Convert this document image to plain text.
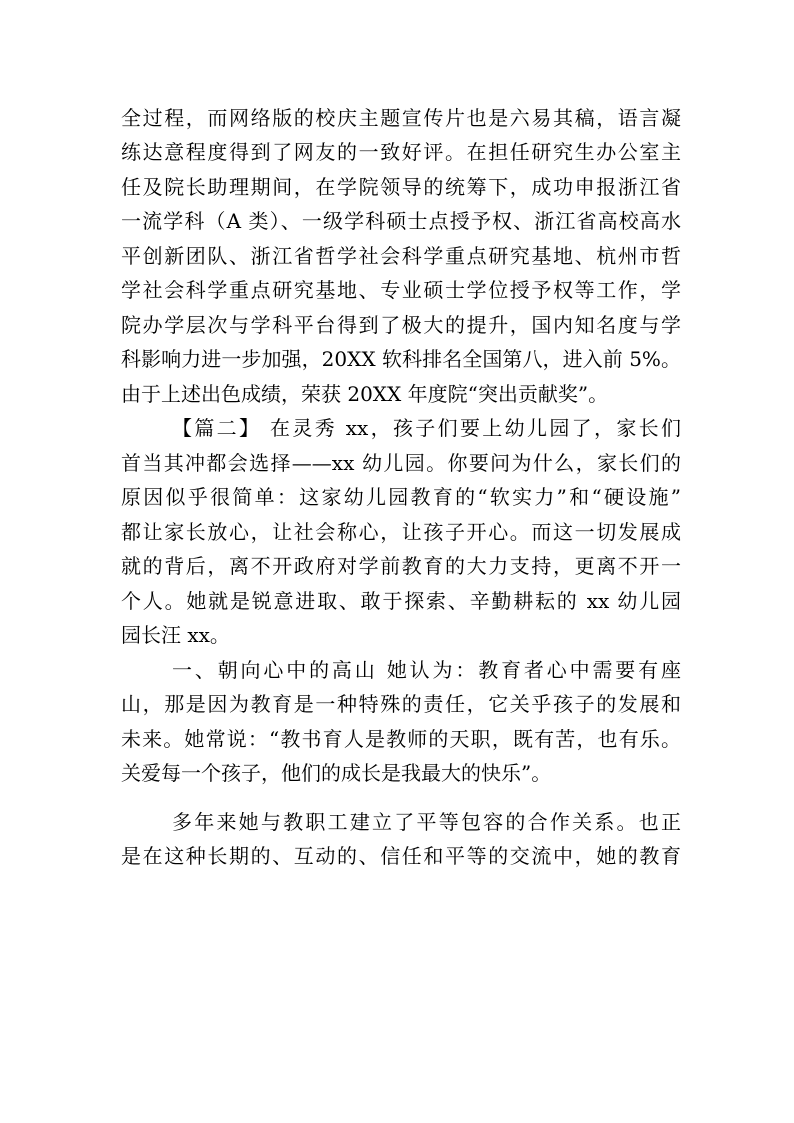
全过程，而网络版的校庆主题宣传片也是六易其稿，语言凝
练达意程度得到了网友的一致好评。在担任研究生办公室主
任及院长助理期间，在学院领导的统筹下，成功申报浙江省
一流学科（A 类）、一级学科硕士点授予权、浙江省高校高水
平创新团队、浙江省哲学社会科学重点研究基地、杭州市哲
学社会科学重点研究基地、专业硕士学位授予权等工作，学
院办学层次与学科平台得到了极大的提升，国内知名度与学
科影响力进一步加强，20XX 软科排名全国第八，进入前 5%。
由于上述出色成绩，荣获 20XX 年度院“突出贡献奖”。
【篇二】 在灵秀 xx，孩子们要上幼儿园了，家长们
首当其冲都会选择——xx 幼儿园。你要问为什么，家长们的
原因似乎很简单：这家幼儿园教育的“软实力”和“硬设施”
都让家长放心，让社会称心，让孩子开心。而这一切发展成
就的背后，离不开政府对学前教育的大力支持，更离不开一
个人。她就是锐意进取、敢于探索、辛勤耕耘的 xx 幼儿园
园长汪 xx。
一、朝向心中的高山 她认为：教育者心中需要有座
山，那是因为教育是一种特殊的责任，它关乎孩子的发展和
未来。她常说：“教书育人是教师的天职，既有苦，也有乐。
关爱每一个孩子，他们的成长是我最大的快乐”。
多年来她与教职工建立了平等包容的合作关系。也正
是在这种长期的、互动的、信任和平等的交流中，她的教育
